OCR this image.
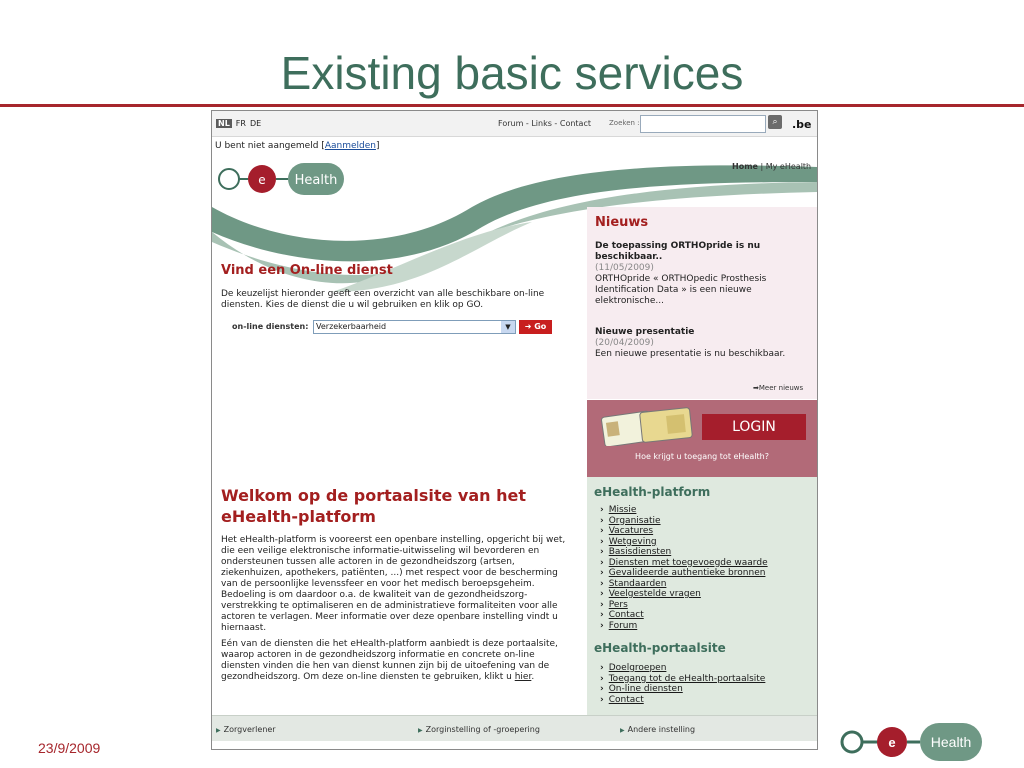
Existing basic services
23/9/2009	e	Health
NL FR DE	Forum - Links - Contact	Zoeken :	⌕	.be
U bent niet aangemeld [Aanmelden]
e Health
Home | My eHealth
Vind een On-line dienst
De keuzelijst hieronder geeft een overzicht van alle beschikbare on-line diensten. Kies de dienst die u wil gebruiken en klik op GO.
on-line diensten: Verzekerbaarheid	▼	➜ Go
Welkom op de portaalsite van het eHealth-platform
Het eHealth-platform is vooreerst een openbare instelling, opgericht bij wet, die een veilige elektronische informatie-uitwisseling wil bevorderen en ondersteunen tussen alle actoren in de gezondheidszorg (artsen, ziekenhuizen, apothekers, patiënten, ...) met respect voor de bescherming van de persoonlijke levenssfeer en voor het medisch beroepsgeheim. Bedoeling is om daardoor o.a. de kwaliteit van de gezondheidszorg-verstrekking te optimaliseren en de administratieve formaliteiten voor alle actoren te verlagen. Meer informatie over deze openbare instelling vindt u hiernaast.
Eén van de diensten die het eHealth-platform aanbiedt is deze portaalsite, waarop actoren in de gezondheidszorg informatie en concrete on-line diensten vinden die hen van dienst kunnen zijn bij de uitoefening van de gezondheidszorg. Om deze on-line diensten te gebruiken, klikt u hier.
Nieuws
De toepassing ORTHOpride is nu beschikbaar..
(11/05/2009)
ORTHOpride « ORTHOpedic Prosthesis Identification Data » is een nieuwe elektronische...
Nieuwe presentatie
(20/04/2009)
Een nieuwe presentatie is nu beschikbaar.
➡Meer nieuws
LOGIN
Hoe krijgt u toegang tot eHealth?
eHealth-platform
› Missie
› Organisatie
› Vacatures
› Wetgeving
› Basisdiensten
› Diensten met toegevoegde waarde
› Gevalideerde authentieke bronnen
› Standaarden
› Veelgestelde vragen
› Pers
› Contact
› Forum
eHealth-portaalsite
› Doelgroepen
› Toegang tot de eHealth-portaalsite
› On-line diensten
› Contact
▶ Zorgverlener	▶ Zorginstelling of -groepering	▶ Andere instelling
